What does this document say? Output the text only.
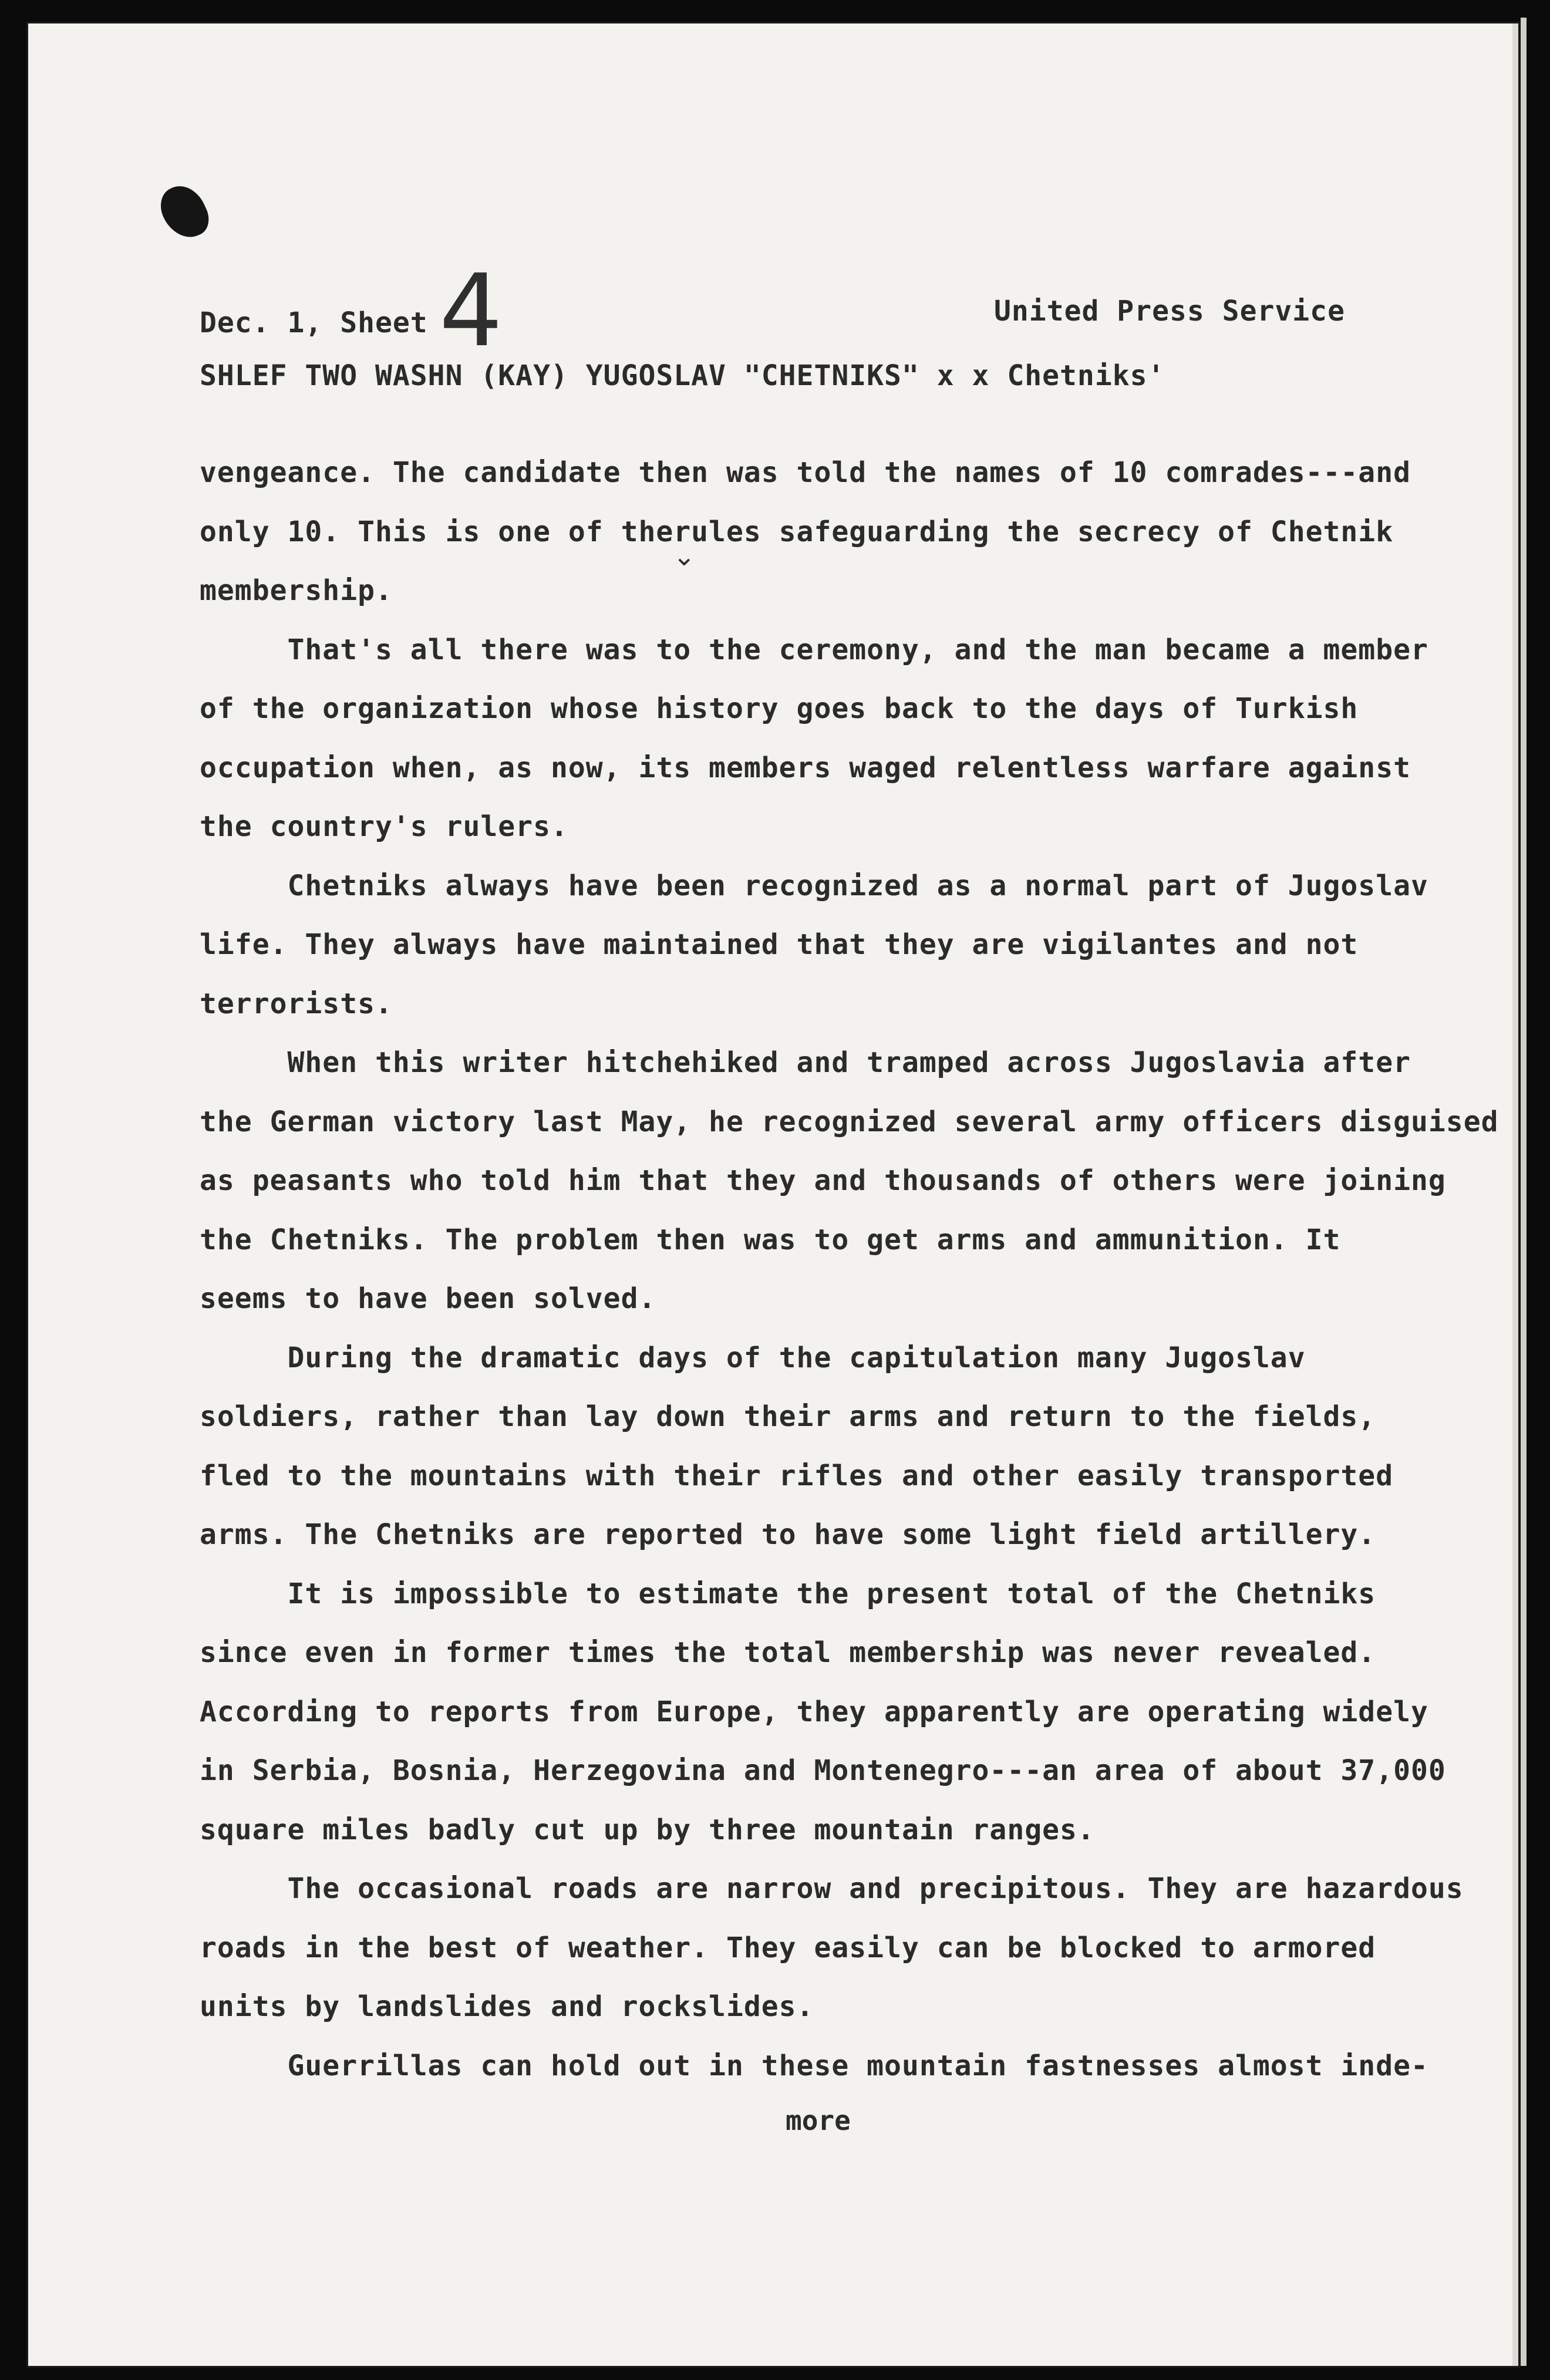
Dec. 1, Sheet 4	United Press Service
SHLEF TWO WASHN (KAY) YUGOSLAV "CHETNIKS" x x Chetniks'
⌄
vengeance. The candidate then was told the names of 10 comrades---and
only 10. This is one of therules safeguarding the secrecy of Chetnik
membership.
That's all there was to the ceremony, and the man became a member
of the organization whose history goes back to the days of Turkish
occupation when, as now, its members waged relentless warfare against
the country's rulers.
Chetniks always have been recognized as a normal part of Jugoslav
life. They always have maintained that they are vigilantes and not
terrorists.
When this writer hitchehiked and tramped across Jugoslavia after
the German victory last May, he recognized several army officers disguised
as peasants who told him that they and thousands of others were joining
the Chetniks. The problem then was to get arms and ammunition. It
seems to have been solved.
During the dramatic days of the capitulation many Jugoslav
soldiers, rather than lay down their arms and return to the fields,
fled to the mountains with their rifles and other easily transported
arms. The Chetniks are reported to have some light field artillery.
It is impossible to estimate the present total of the Chetniks
since even in former times the total membership was never revealed.
According to reports from Europe, they apparently are operating widely
in Serbia, Bosnia, Herzegovina and Montenegro---an area of about 37,000
square miles badly cut up by three mountain ranges.
The occasional roads are narrow and precipitous. They are hazardous
roads in the best of weather. They easily can be blocked to armored
units by landslides and rockslides.
Guerrillas can hold out in these mountain fastnesses almost inde-
more
